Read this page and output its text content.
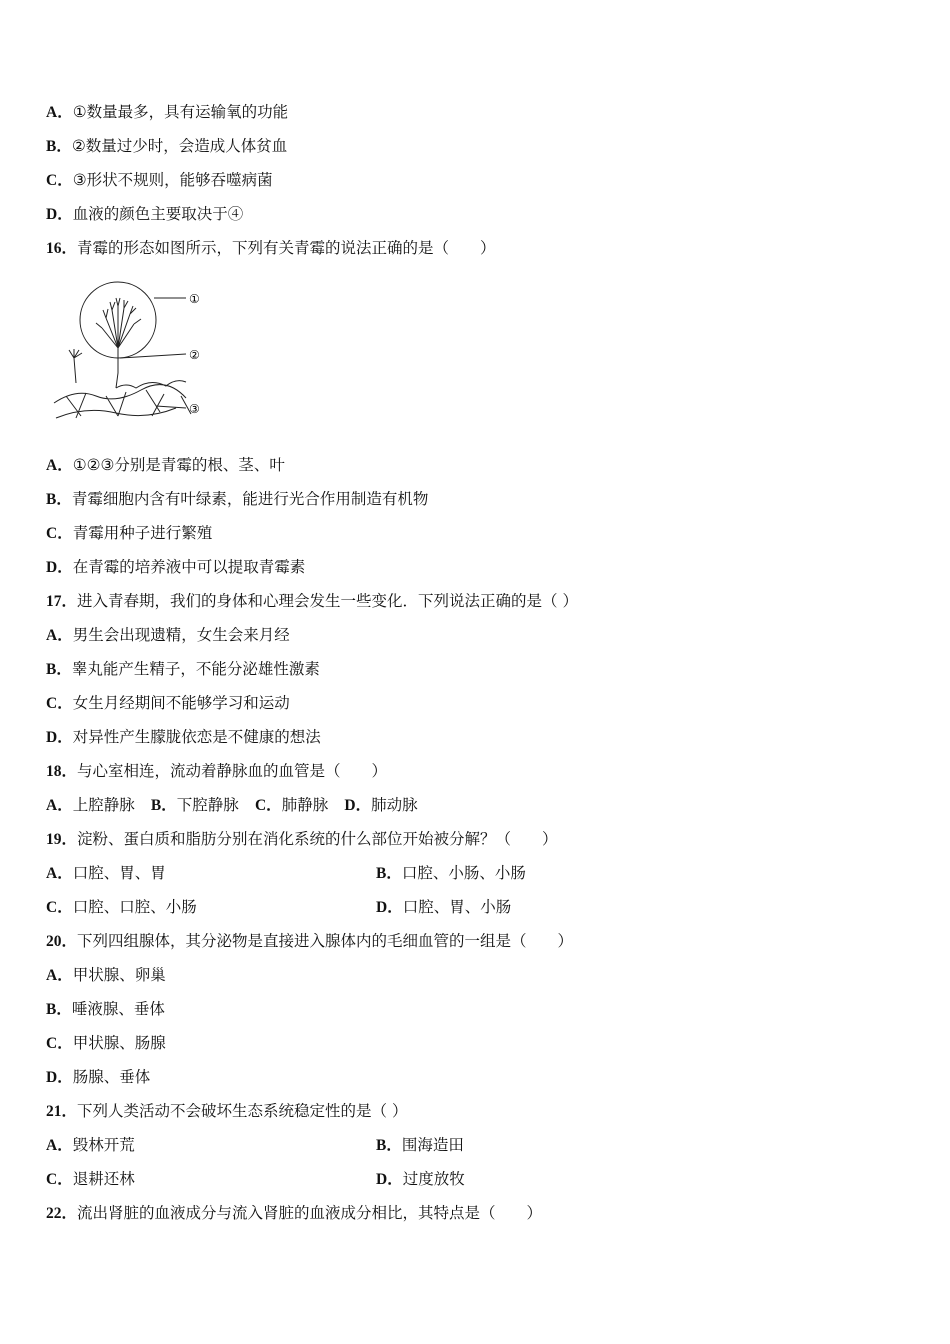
A．①数量最多，具有运输氧的功能
B．②数量过少时，会造成人体贫血
C．③形状不规则，能够吞噬病菌
D．血液的颜色主要取决于④
16．青霉的形态如图所示，下列有关青霉的说法正确的是（　　）
①
②
③
A．①②③分别是青霉的根、茎、叶
B．青霉细胞内含有叶绿素，能进行光合作用制造有机物
C．青霉用种子进行繁殖
D．在青霉的培养液中可以提取青霉素
17．进入青春期，我们的身体和心理会发生一些变化．下列说法正确的是（ ）
A．男生会出现遗精，女生会来月经
B．睾丸能产生精子，不能分泌雄性激素
C．女生月经期间不能够学习和运动
D．对异性产生朦胧依恋是不健康的想法
18．与心室相连，流动着静脉血的血管是（　　）
A．上腔静脉 B．下腔静脉 C．肺静脉 D．肺动脉
19．淀粉、蛋白质和脂肪分别在消化系统的什么部位开始被分解？（　　）
A．口腔、胃、胃	B．口腔、小肠、小肠
C．口腔、口腔、小肠	D．口腔、胃、小肠
20．下列四组腺体，其分泌物是直接进入腺体内的毛细血管的一组是（　　）
A．甲状腺、卵巢
B．唾液腺、垂体
C．甲状腺、肠腺
D．肠腺、垂体
21．下列人类活动不会破坏生态系统稳定性的是（ ）
A．毁林开荒	B．围海造田
C．退耕还林	D．过度放牧
22．流出肾脏的血液成分与流入肾脏的血液成分相比，其特点是（　　）
